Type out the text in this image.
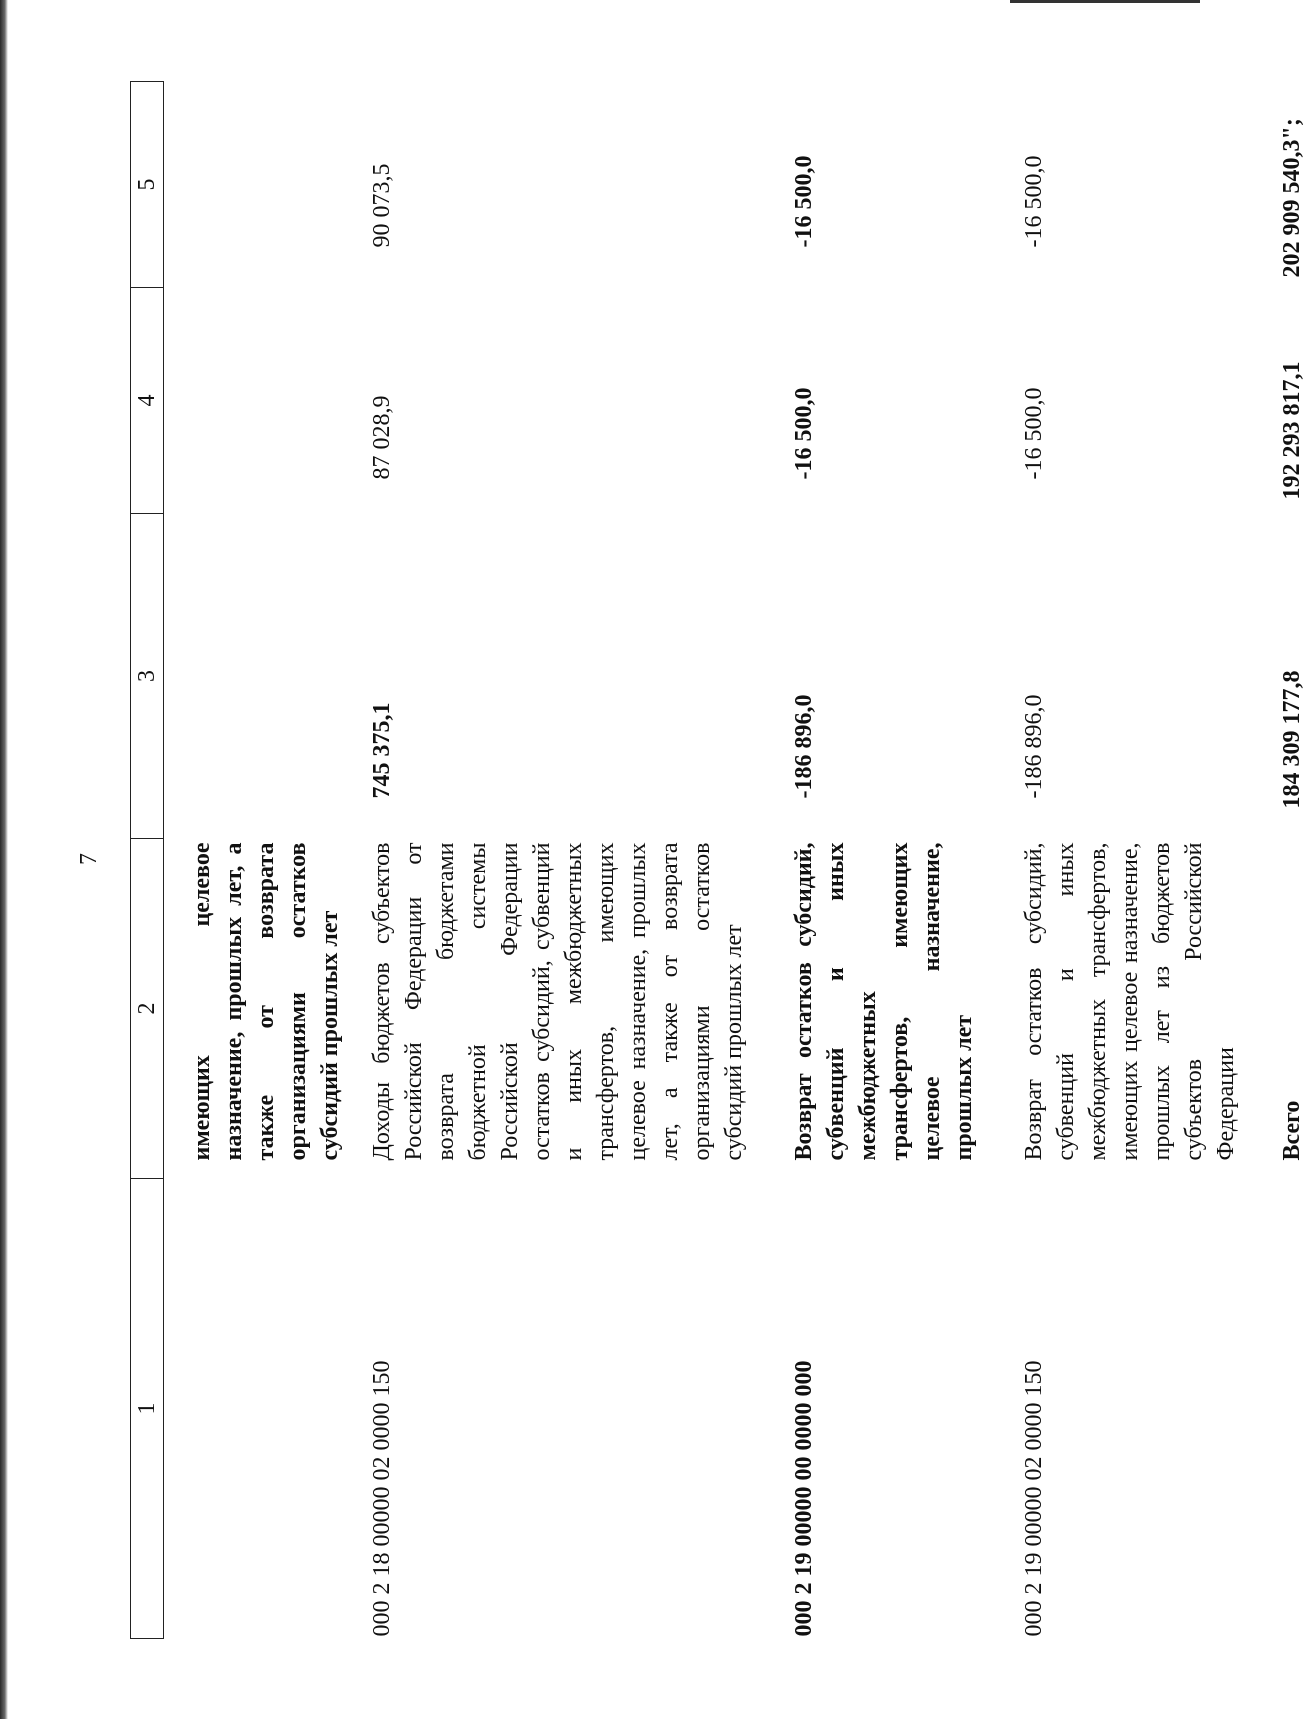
7
1	2	3	4	5
	имеющих целевое назначение, прошлых лет, а также от возврата организациями остатков субсидий прошлых лет			
000 2 18 00000 02 0000 150	Доходы бюджетов субъектов Российской Федерации от возврата бюджетами бюджетной системы Российской Федерации остатков субсидий, субвенций и иных межбюджетных трансфертов, имеющих целевое назначение, прошлых лет, а также от возврата организациями остатков субсидий прошлых лет	745 375,1	87 028,9	90 073,5

000 2 19 00000 00 0000 000	Возврат остатков субсидий, субвенций и иных межбюджетных трансфертов, имеющих целевое назначение, прошлых лет	-186 896,0	-16 500,0	-16 500,0

000 2 19 00000 02 0000 150	Возврат остатков субсидий, субвенций и иных межбюджетных трансфертов, имеющих целевое назначение, прошлых лет из бюджетов субъектов Российской Федерации	-186 896,0	-16 500,0	-16 500,0
	Всего	184 309 177,8	192 293 817,1	202 909 540,3";
